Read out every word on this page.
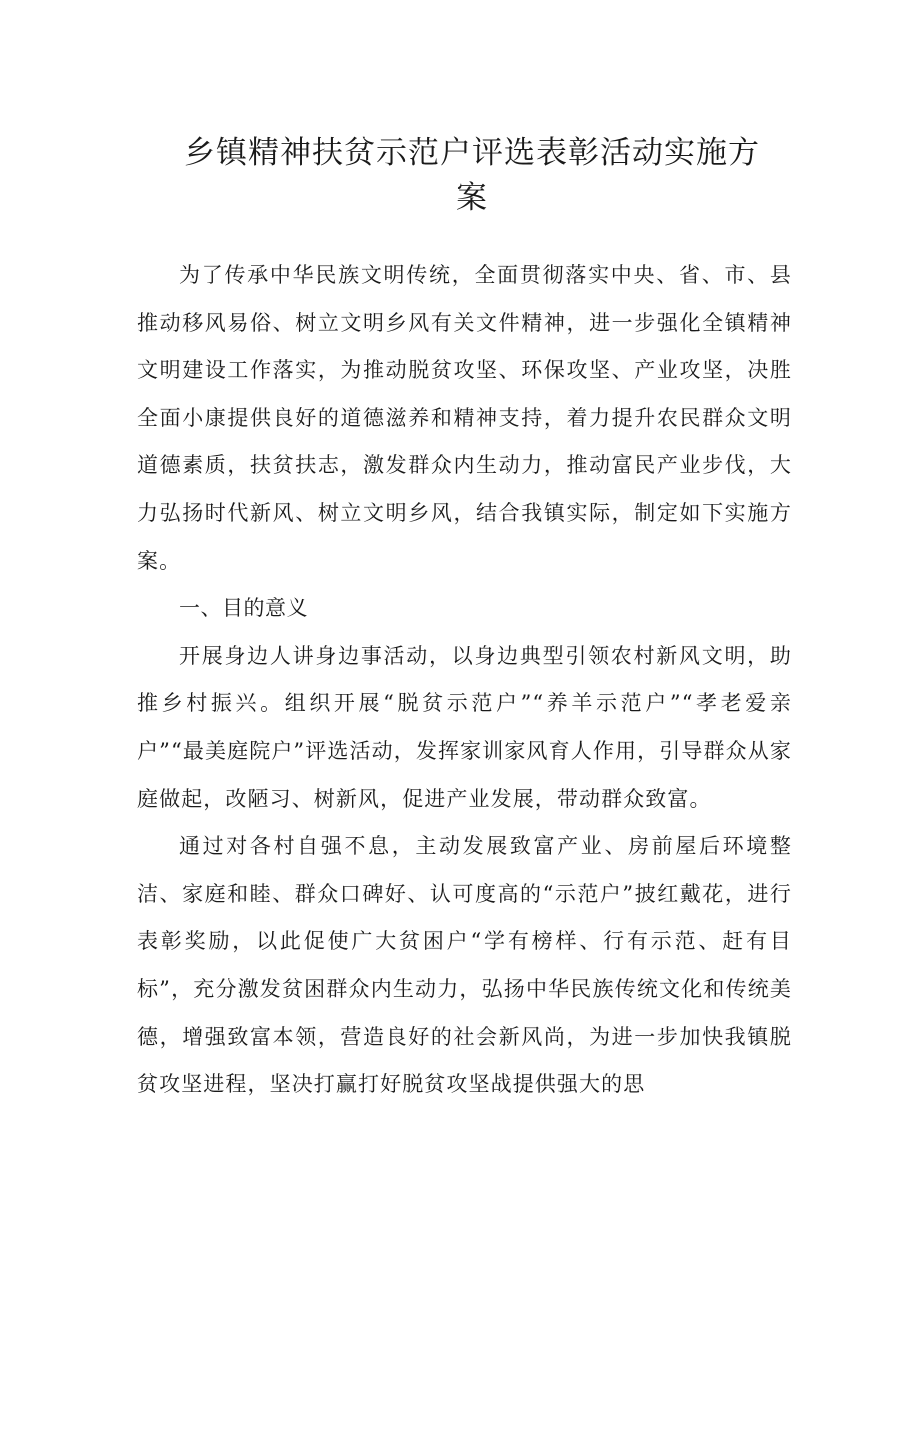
乡镇精神扶贫示范户评选表彰活动实施方
案

为了传承中华民族文明传统，全面贯彻落实中央、省、市、县推动移风易俗、树立文明乡风有关文件精神，进一步强化全镇精神文明建设工作落实，为推动脱贫攻坚、环保攻坚、产业攻坚，决胜全面小康提供良好的道德滋养和精神支持，着力提升农民群众文明道德素质，扶贫扶志，激发群众内生动力，推动富民产业步伐，大力弘扬时代新风、树立文明乡风，结合我镇实际，制定如下实施方案。

一、目的意义

开展身边人讲身边事活动，以身边典型引领农村新风文明，助推乡村振兴。组织开展“脱贫示范户”“养羊示范户”“孝老爱亲户”“最美庭院户”评选活动，发挥家训家风育人作用，引导群众从家庭做起，改陋习、树新风，促进产业发展，带动群众致富。

通过对各村自强不息，主动发展致富产业、房前屋后环境整洁、家庭和睦、群众口碑好、认可度高的“示范户”披红戴花，进行表彰奖励，以此促使广大贫困户“学有榜样、行有示范、赶有目标”，充分激发贫困群众内生动力，弘扬中华民族传统文化和传统美德，增强致富本领，营造良好的社会新风尚，为进一步加快我镇脱贫攻坚进程，坚决打赢打好脱贫攻坚战提供强大的思
